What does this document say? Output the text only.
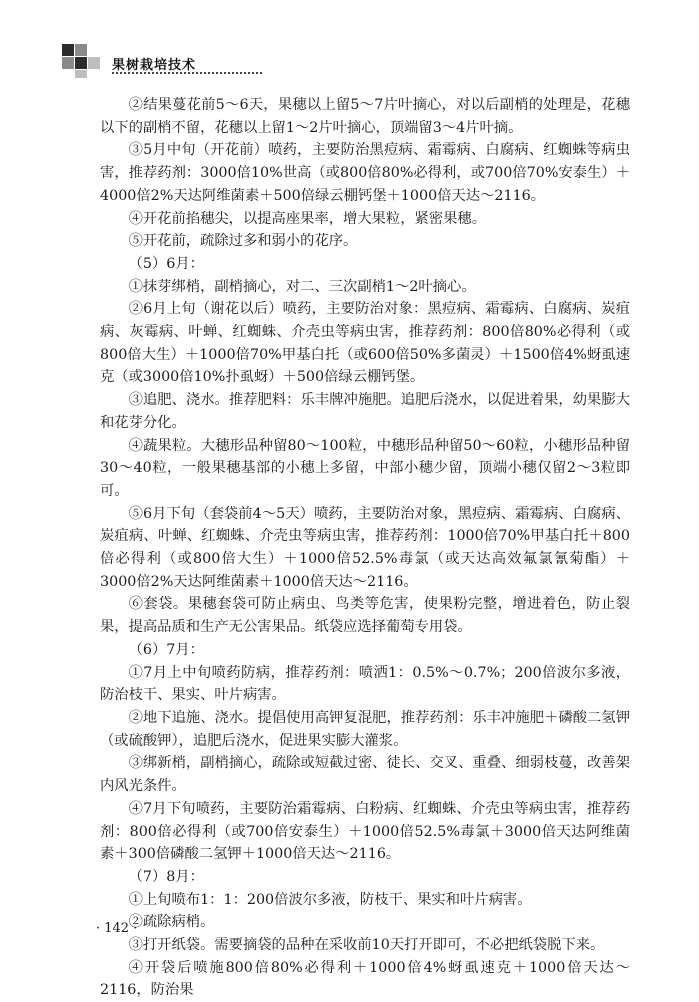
果树栽培技术

②结果蔓花前5～6天，果穗以上留5～7片叶摘心，对以后副梢的处理是，花穗以下的副梢不留，花穗以上留1～2片叶摘心，顶端留3～4片叶摘。

③5月中旬（开花前）喷药，主要防治黑痘病、霜霉病、白腐病、红蜘蛛等病虫害，推荐药剂：3000倍10%世高（或800倍80%必得利，或700倍70%安泰生）＋4000倍2%天达阿维菌素＋500倍绿云棚钙堡＋1000倍天达～2116。

④开花前掐穗尖，以提高座果率，增大果粒，紧密果穗。

⑤开花前，疏除过多和弱小的花序。

（5）6月：

①抹芽绑梢，副梢摘心，对二、三次副梢1～2叶摘心。

②6月上旬（谢花以后）喷药，主要防治对象：黑痘病、霜霉病、白腐病、炭疽病、灰霉病、叶蝉、红蜘蛛、介壳虫等病虫害，推荐药剂：800倍80%必得利（或800倍大生）＋1000倍70%甲基白托（或600倍50%多菌灵）＋1500倍4%蚜虱速克（或3000倍10%扑虱蚜）＋500倍绿云棚钙堡。

③追肥、浇水。推荐肥料：乐丰牌冲施肥。追肥后浇水，以促进着果，幼果膨大和花芽分化。

④蔬果粒。大穗形品种留80～100粒，中穗形品种留50～60粒，小穗形品种留30～40粒，一般果穗基部的小穗上多留，中部小穗少留，顶端小穗仅留2～3粒即可。

⑤6月下旬（套袋前4～5天）喷药，主要防治对象，黑痘病、霜霉病、白腐病、炭疽病、叶蝉、红蜘蛛、介壳虫等病虫害，推荐药剂：1000倍70%甲基白托＋800倍必得利（或800倍大生）＋1000倍52.5%毒氯（或天达高效氟氯氰菊酯）＋3000倍2%天达阿维菌素＋1000倍天达～2116。

⑥套袋。果穗套袋可防止病虫、鸟类等危害，使果粉完整，增进着色，防止裂果，提高品质和生产无公害果品。纸袋应选择葡萄专用袋。

（6）7月：

①7月上中旬喷药防病，推荐药剂：喷洒1：0.5%～0.7%；200倍波尔多液，防治枝干、果实、叶片病害。

②地下追施、浇水。提倡使用高钾复混肥，推荐药剂：乐丰冲施肥＋磷酸二氢钾（或硫酸钾），追肥后浇水，促进果实膨大灌浆。

③绑新梢，副梢摘心，疏除或短截过密、徒长、交叉、重叠、细弱枝蔓，改善架内风光条件。

④7月下旬喷药，主要防治霜霉病、白粉病、红蜘蛛、介壳虫等病虫害，推荐药剂：800倍必得利（或700倍安泰生）＋1000倍52.5%毒氯＋3000倍天达阿维菌素＋300倍磷酸二氢钾＋1000倍天达～2116。

（7）8月：

①上旬喷布1：1：200倍波尔多液，防枝干、果实和叶片病害。

②疏除病梢。

③打开纸袋。需要摘袋的品种在采收前10天打开即可，不必把纸袋脱下来。

④开袋后喷施800倍80%必得利＋1000倍4%蚜虱速克＋1000倍天达～2116，防治果

· 142 ·
